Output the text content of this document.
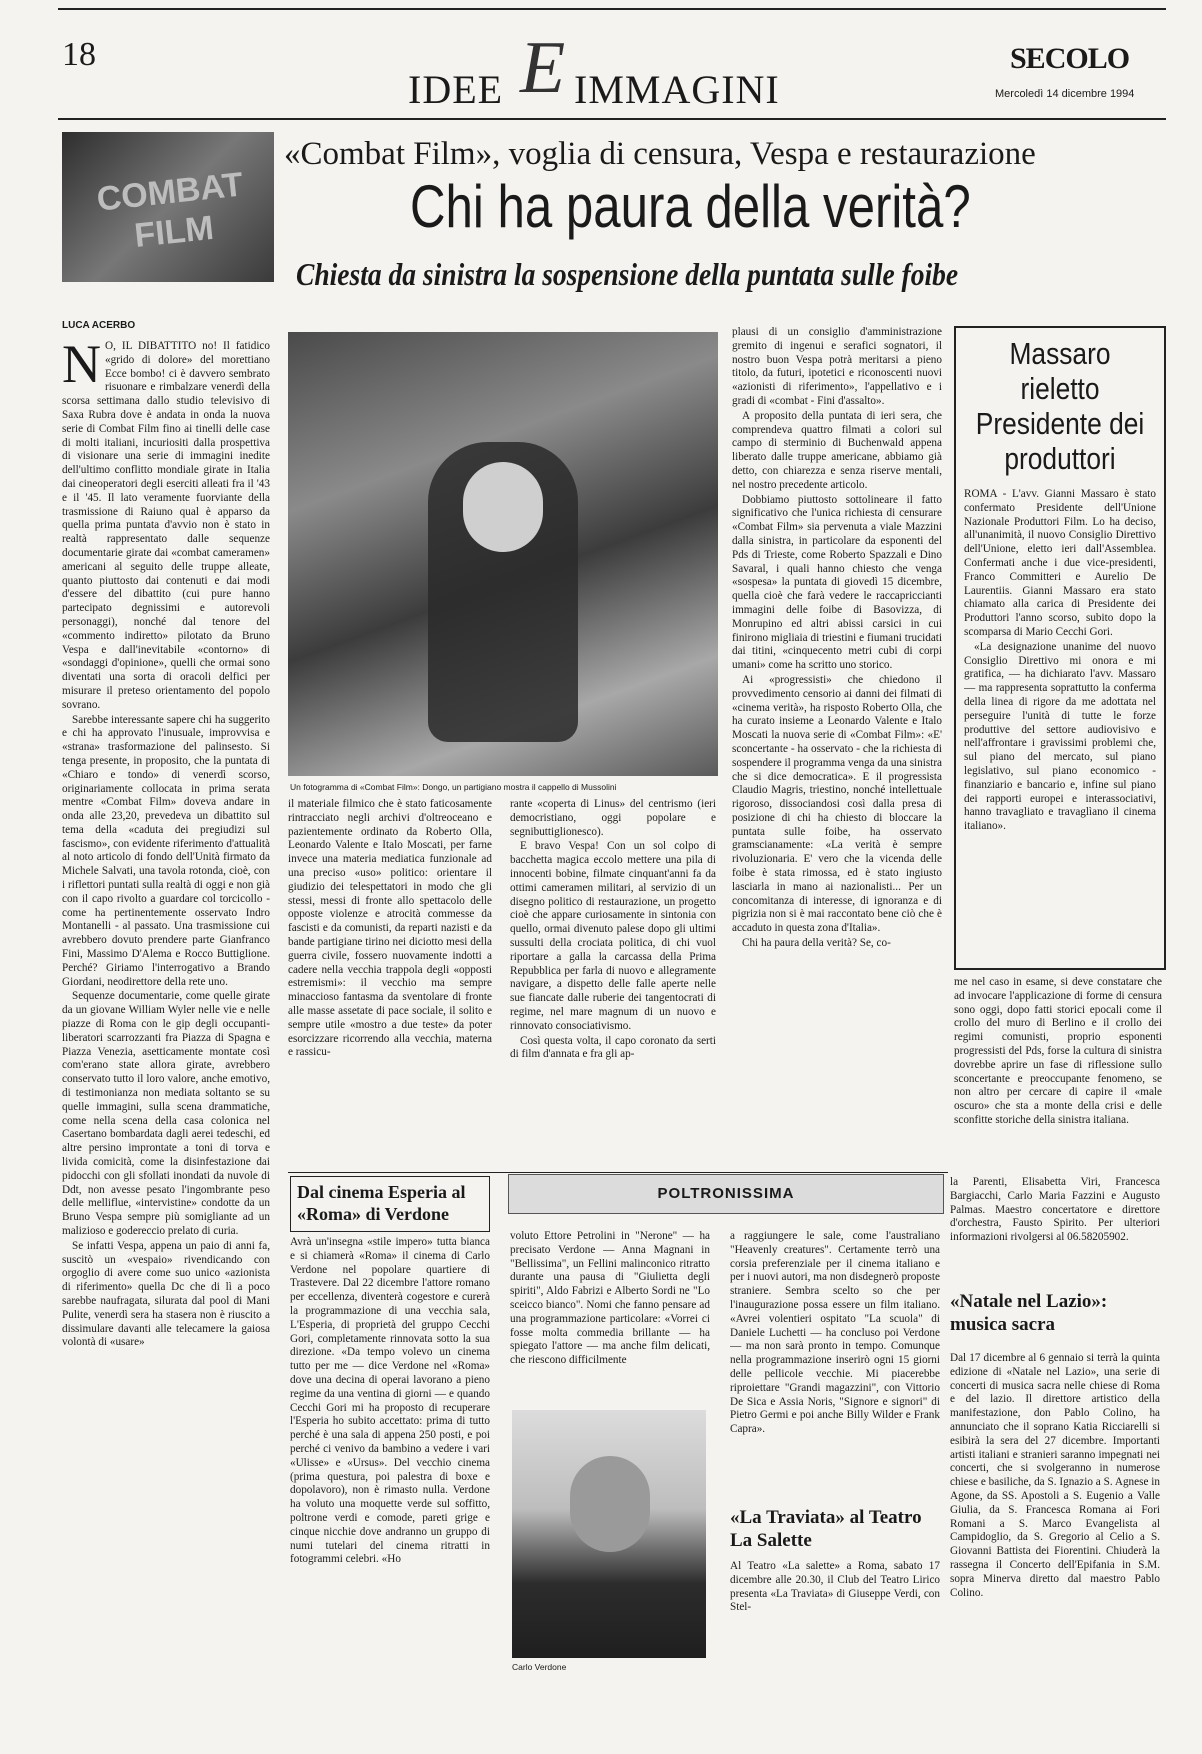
18
IDEE E IMMAGINI
SECOLO
Mercoledì 14 dicembre 1994
COMBAT FILM
«Combat Film», voglia di censura, Vespa e restaurazione
Chi ha paura della verità?
Chiesta da sinistra la sospensione della puntata sulle foibe
LUCA ACERBO

N O, IL DIBATTITO no! Il fatidico «grido di dolore» del morettiano Ecce bombo! ci è davvero sembrato risuonare e rimbalzare venerdì della scorsa settimana dallo studio televisivo di Saxa Rubra dove è andata in onda la nuova serie di Combat Film fino ai tinelli delle case di molti italiani, incuriositi dalla prospettiva di visionare una serie di immagini inedite dell'ultimo conflitto mondiale girate in Italia dai cineoperatori degli eserciti alleati fra il '43 e il '45. Il lato veramente fuorviante della trasmissione di Raiuno qual è apparso da quella prima puntata d'avvio non è stato in realtà rappresentato dalle sequenze documentarie girate dai «combat cameramen» americani al seguito delle truppe alleate, quanto piuttosto dai contenuti e dai modi d'essere del dibattito (cui pure hanno partecipato degnissimi e autorevoli personaggi), nonché dal tenore del «commento indiretto» pilotato da Bruno Vespa e dall'inevitabile «contorno» di «sondaggi d'opinione», quelli che ormai sono diventati una sorta di oracoli delfici per misurare il preteso orientamento del popolo sovrano.

Sarebbe interessante sapere chi ha suggerito e chi ha approvato l'inusuale, improvvisa e «strana» trasformazione del palinsesto. Si tenga presente, in proposito, che la puntata di «Chiaro e tondo» di venerdì scorso, originariamente collocata in prima serata mentre «Combat Film» doveva andare in onda alle 23,20, prevedeva un dibattito sul tema della «caduta dei pregiudizi sul fascismo», con evidente riferimento d'attualità al noto articolo di fondo dell'Unità firmato da Michele Salvati, una tavola rotonda, cioè, con i riflettori puntati sulla realtà di oggi e non già con il capo rivolto a guardare col torcicollo - come ha pertinentemente osservato Indro Montanelli - al passato. Una trasmissione cui avrebbero dovuto prendere parte Gianfranco Fini, Massimo D'Alema e Rocco Buttiglione. Perché? Giriamo l'interrogativo a Brando Giordani, neodirettore della rete uno.

Sequenze documentarie, come quelle girate da un giovane William Wyler nelle vie e nelle piazze di Roma con le gip degli occupanti-liberatori scarrozzanti fra Piazza di Spagna e Piazza Venezia, asetticamente montate così com'erano state allora girate, avrebbero conservato tutto il loro valore, anche emotivo, di testimonianza non mediata soltanto se su quelle immagini, sulla scena drammatiche, come nella scena della casa colonica nel Casertano bombardata dagli aerei tedeschi, ed altre persino improntate a toni di torva e livida comicità, come la disinfestazione dai pidocchi con gli sfollati inondati da nuvole di Ddt, non avesse pesato l'ingombrante peso delle mellifluе, «intervistine» condotte da un Bruno Vespa sempre più somigliante ad un malizioso e godereccio prelato di curia.

Se infatti Vespa, appena un paio di anni fa, suscitò un «vespaio» rivendicando con orgoglio di avere come suo unico «azionista di riferimento» quella Dc che di lì a poco sarebbe naufragata, silurata dal pool di Mani Pulite, venerdì sera ha stasera non è riuscito a dissimulare davanti alle telecamere la gaiosa volontà di «usare»

Un fotogramma di «Combat Film»: Dongo, un partigiano mostra il cappello di Mussolini

il materiale filmico che è stato faticosamente rintracciato negli archivi d'oltreoceano e pazientemente ordinato da Roberto Olla, Leonardo Valente e Italo Moscati, per farne invece una materia mediatica funzionale ad una preciso «uso» politico: orientare il giudizio dei telespettatori in modo che gli stessi, messi di fronte allo spettacolo delle opposte violenze e atrocità commesse da fascisti e da comunisti, da reparti nazisti e da bande partigiane tirino nei diciotto mesi della guerra civile, fossero nuovamente indotti a cadere nella vecchia trappola degli «opposti estremismi»: il vecchio ma sempre minaccioso fantasma da sventolare di fronte alle masse assetate di pace sociale, il solito e sempre utile «mostro a due teste» da poter esorcizzare ricorrendo alla vecchia, materna e rassicu-

rante «coperta di Linus» del centrismo (ieri democristiano, oggi popolare e segnibuttiglionesco).

E bravo Vespa! Con un sol colpo di bacchetta magica eccolo mettere una pila di innocenti bobine, filmate cinquant'anni fa da ottimi cameramen militari, al servizio di un disegno politico di restaurazione, un progetto cioè che appare curiosamente in sintonia con quello, ormai divenuto palese dopo gli ultimi sussulti della crociata politica, di chi vuol riportare a galla la carcassa della Prima Repubblica per farla di nuovo e allegramente navigare, a dispetto delle falle aperte nelle sue fiancate dalle ruberie dei tangentocrati di regime, nel mare magnum di un nuovo e rinnovato consociativismo.

Così questa volta, il capo coronato da serti di film d'annata e fra gli ap-

plausi di un consiglio d'amministrazione gremito di ingenui e serafici sognatori, il nostro buon Vespa potrà meritarsi a pieno titolo, da futuri, ipotetici e riconoscenti nuovi «azionisti di riferimento», l'appellativo e i gradi di «combat - Fini d'assalto».

A proposito della puntata di ieri sera, che comprendeva quattro filmati a colori sul campo di sterminio di Buchenwald appena liberato dalle truppe americane, abbiamo già detto, con chiarezza e senza riserve mentali, nel nostro precedente articolo.

Dobbiamo piuttosto sottolineare il fatto significativo che l'unica richiesta di censurare «Combat Film» sia pervenuta a viale Mazzini dalla sinistra, in particolare da esponenti del Pds di Trieste, come Roberto Spazzali e Dino Savaral, i quali hanno chiesto che venga «sospesa» la puntata di giovedì 15 dicembre, quella cioè che farà vedere le raccapriccianti immagini delle foibe di Basovizza, di Monrupino ed altri abissi carsici in cui finirono migliaia di triestini e fiumani trucidati dai titini, «cinquecento metri cubi di corpi umani» come ha scritto uno storico.

Ai «progressisti» che chiedono il provvedimento censorio ai danni dei filmati di «cinema verità», ha risposto Roberto Olla, che ha curato insieme a Leonardo Valente e Italo Moscati la nuova serie di «Combat Film»: «E' sconcertante - ha osservato - che la richiesta di sospendere il programma venga da una sinistra che si dice democratica». E il progressista Claudio Magris, triestino, nonché intellettuale rigoroso, dissociandosi così dalla presa di posizione di chi ha chiesto di bloccare la puntata sulle foibe, ha osservato gramscianamente: «La verità è sempre rivoluzionaria. E' vero che la vicenda delle foibe è stata rimossa, ed è stato ingiusto lasciarla in mano ai nazionalisti... Per un concomitanza di interesse, di ignoranza e di pigrizia non si è mai raccontato bene ciò che è accaduto in questa zona d'Italia».

Chi ha paura della verità? Se, co-

Massaro rieletto Presidente dei produttori

ROMA - L'avv. Gianni Massaro è stato confermato Presidente dell'Unione Nazionale Produttori Film. Lo ha deciso, all'unanimità, il nuovo Consiglio Direttivo dell'Unione, eletto ieri dall'Assemblea. Confermati anche i due vice-presidenti, Franco Committeri e Aurelio De Laurentiis. Gianni Massaro era stato chiamato alla carica di Presidente dei Produttori l'anno scorso, subito dopo la scomparsa di Mario Cecchi Gori.

«La designazione unanime del nuovo Consiglio Direttivo mi onora e mi gratifica, — ha dichiarato l'avv. Massaro — ma rappresenta soprattutto la conferma della linea di rigore da me adottata nel perseguire l'unità di tutte le forze produttive del settore audiovisivo e nell'affrontare i gravissimi problemi che, sul piano del mercato, sul piano legislativo, sul piano economico - finanziario e bancario e, infine sul piano dei rapporti europei e interassociativi, hanno travagliato e travaglìano il cinema italiano».

me nel caso in esame, si deve constatare che ad invocare l'applicazione di forme di censura sono oggi, dopo fatti storici epocali come il crollo del muro di Berlino e il crollo dei regimi comunisti, proprio esponenti progressisti del Pds, forse la cultura di sinistra dovrebbe aprire un fase di riflessione sullo sconcertante e preoccupante fenomeno, se non altro per cercare di capire il «male oscuro» che sta a monte della crisi e delle sconfitte storiche della sinistra italiana.

Dal cinema Esperia al «Roma» di Verdone

Avrà un'insegna «stile impero» tutta bianca e si chiamerà «Roma» il cinema di Carlo Verdone nel popolare quartiere di Trastevere. Dal 22 dicembre l'attore romano per eccellenza, diventerà cogestore e curerà la programmazione di una vecchia sala, L'Esperia, di proprietà del gruppo Cecchi Gori, completamente rinnovata sotto la sua direzione. «Da tempo volevo un cinema tutto per me — dice Verdone nel «Roma» dove una decina di operai lavorano a pieno regime da una ventina di giorni — e quando Cecchi Gori mi ha proposto di recuperare l'Esperia ho subito accettato: prima di tutto perché è una sala di appena 250 posti, e poi perché ci venivo da bambino a vedere i vari «Ulisse» e «Ursus». Del vecchio cinema (prima questura, poi palestra di boxe e dopolavoro), non è rimasto nulla. Verdone ha voluto una moquette verde sul soffitto, poltrone verdi e comode, pareti grige e cinque nicchie dove andranno un gruppo di numi tutelari del cinema ritratti in fotogrammi celebri. «Ho

POLTRONISSIMA

voluto Ettore Petrolini in "Nerone" — ha precisato Verdone — Anna Magnani in "Bellissima", un Fellini malinconico ritratto durante una pausa di "Giulietta degli spiriti", Aldo Fabrizi e Alberto Sordi ne "Lo sceicco bianco". Nomi che fanno pensare ad una programmazione particolare: «Vorrei ci fosse molta commedia brillante — ha spiegato l'attore — ma anche film delicati, che riescono difficilmente

Carlo Verdone

a raggiungere le sale, come l'australiano "Heavenly creatures". Certamente terrò una corsia preferenziale per il cinema italiano e per i nuovi autori, ma non disdegnerò proposte straniere. Sembra scelto so che per l'inaugurazione possa essere un film italiano. «Avrei volentieri ospitato "La scuola" di Daniele Luchetti — ha concluso poi Verdone — ma non sarà pronto in tempo. Comunque nella programmazione inserirò ogni 15 giorni delle pellicole vecchie. Mi piacerebbe riproiettare "Grandi magazzini", con Vittorio De Sica e Assia Noris, "Signore e signori" di Pietro Germi e poi anche Billy Wilder e Frank Capra».

«La Traviata» al Teatro La Salette

Al Teatro «La salette» a Roma, sabato 17 dicembre alle 20.30, il Club del Teatro Lirico presenta «La Traviata» di Giuseppe Verdi, con Stel-

la Parenti, Elisabetta Viri, Francesca Bargiacchi, Carlo Maria Fazzini e Augusto Palmas. Maestro concertatore e direttore d'orchestra, Fausto Spirito. Per ulteriori informazioni rivolgersi al 06.58205902.

«Natale nel Lazio»: musica sacra

Dal 17 dicembre al 6 gennaio si terrà la quinta edizione di «Natale nel Lazio», una serie di concerti di musica sacra nelle chiese di Roma e del lazio. Il direttore artistico della manifestazione, don Pablo Colino, ha annunciato che il soprano Katia Ricciarelli si esibirà la sera del 27 dicembre. Importanti artisti italiani e stranieri saranno impegnati nei concerti, che si svolgeranno in numerose chiese e basiliche, da S. Ignazio a S. Agnese in Agone, da SS. Apostoli a S. Eugenio a Valle Giulia, da S. Francesca Romana ai Fori Romani a S. Marco Evangelista al Campidoglio, da S. Gregorio al Celio a S. Giovanni Battista dei Fiorentini. Chiuderà la rassegna il Concerto dell'Epifania in S.M. sopra Minerva diretto dal maestro Pablo Colino.
